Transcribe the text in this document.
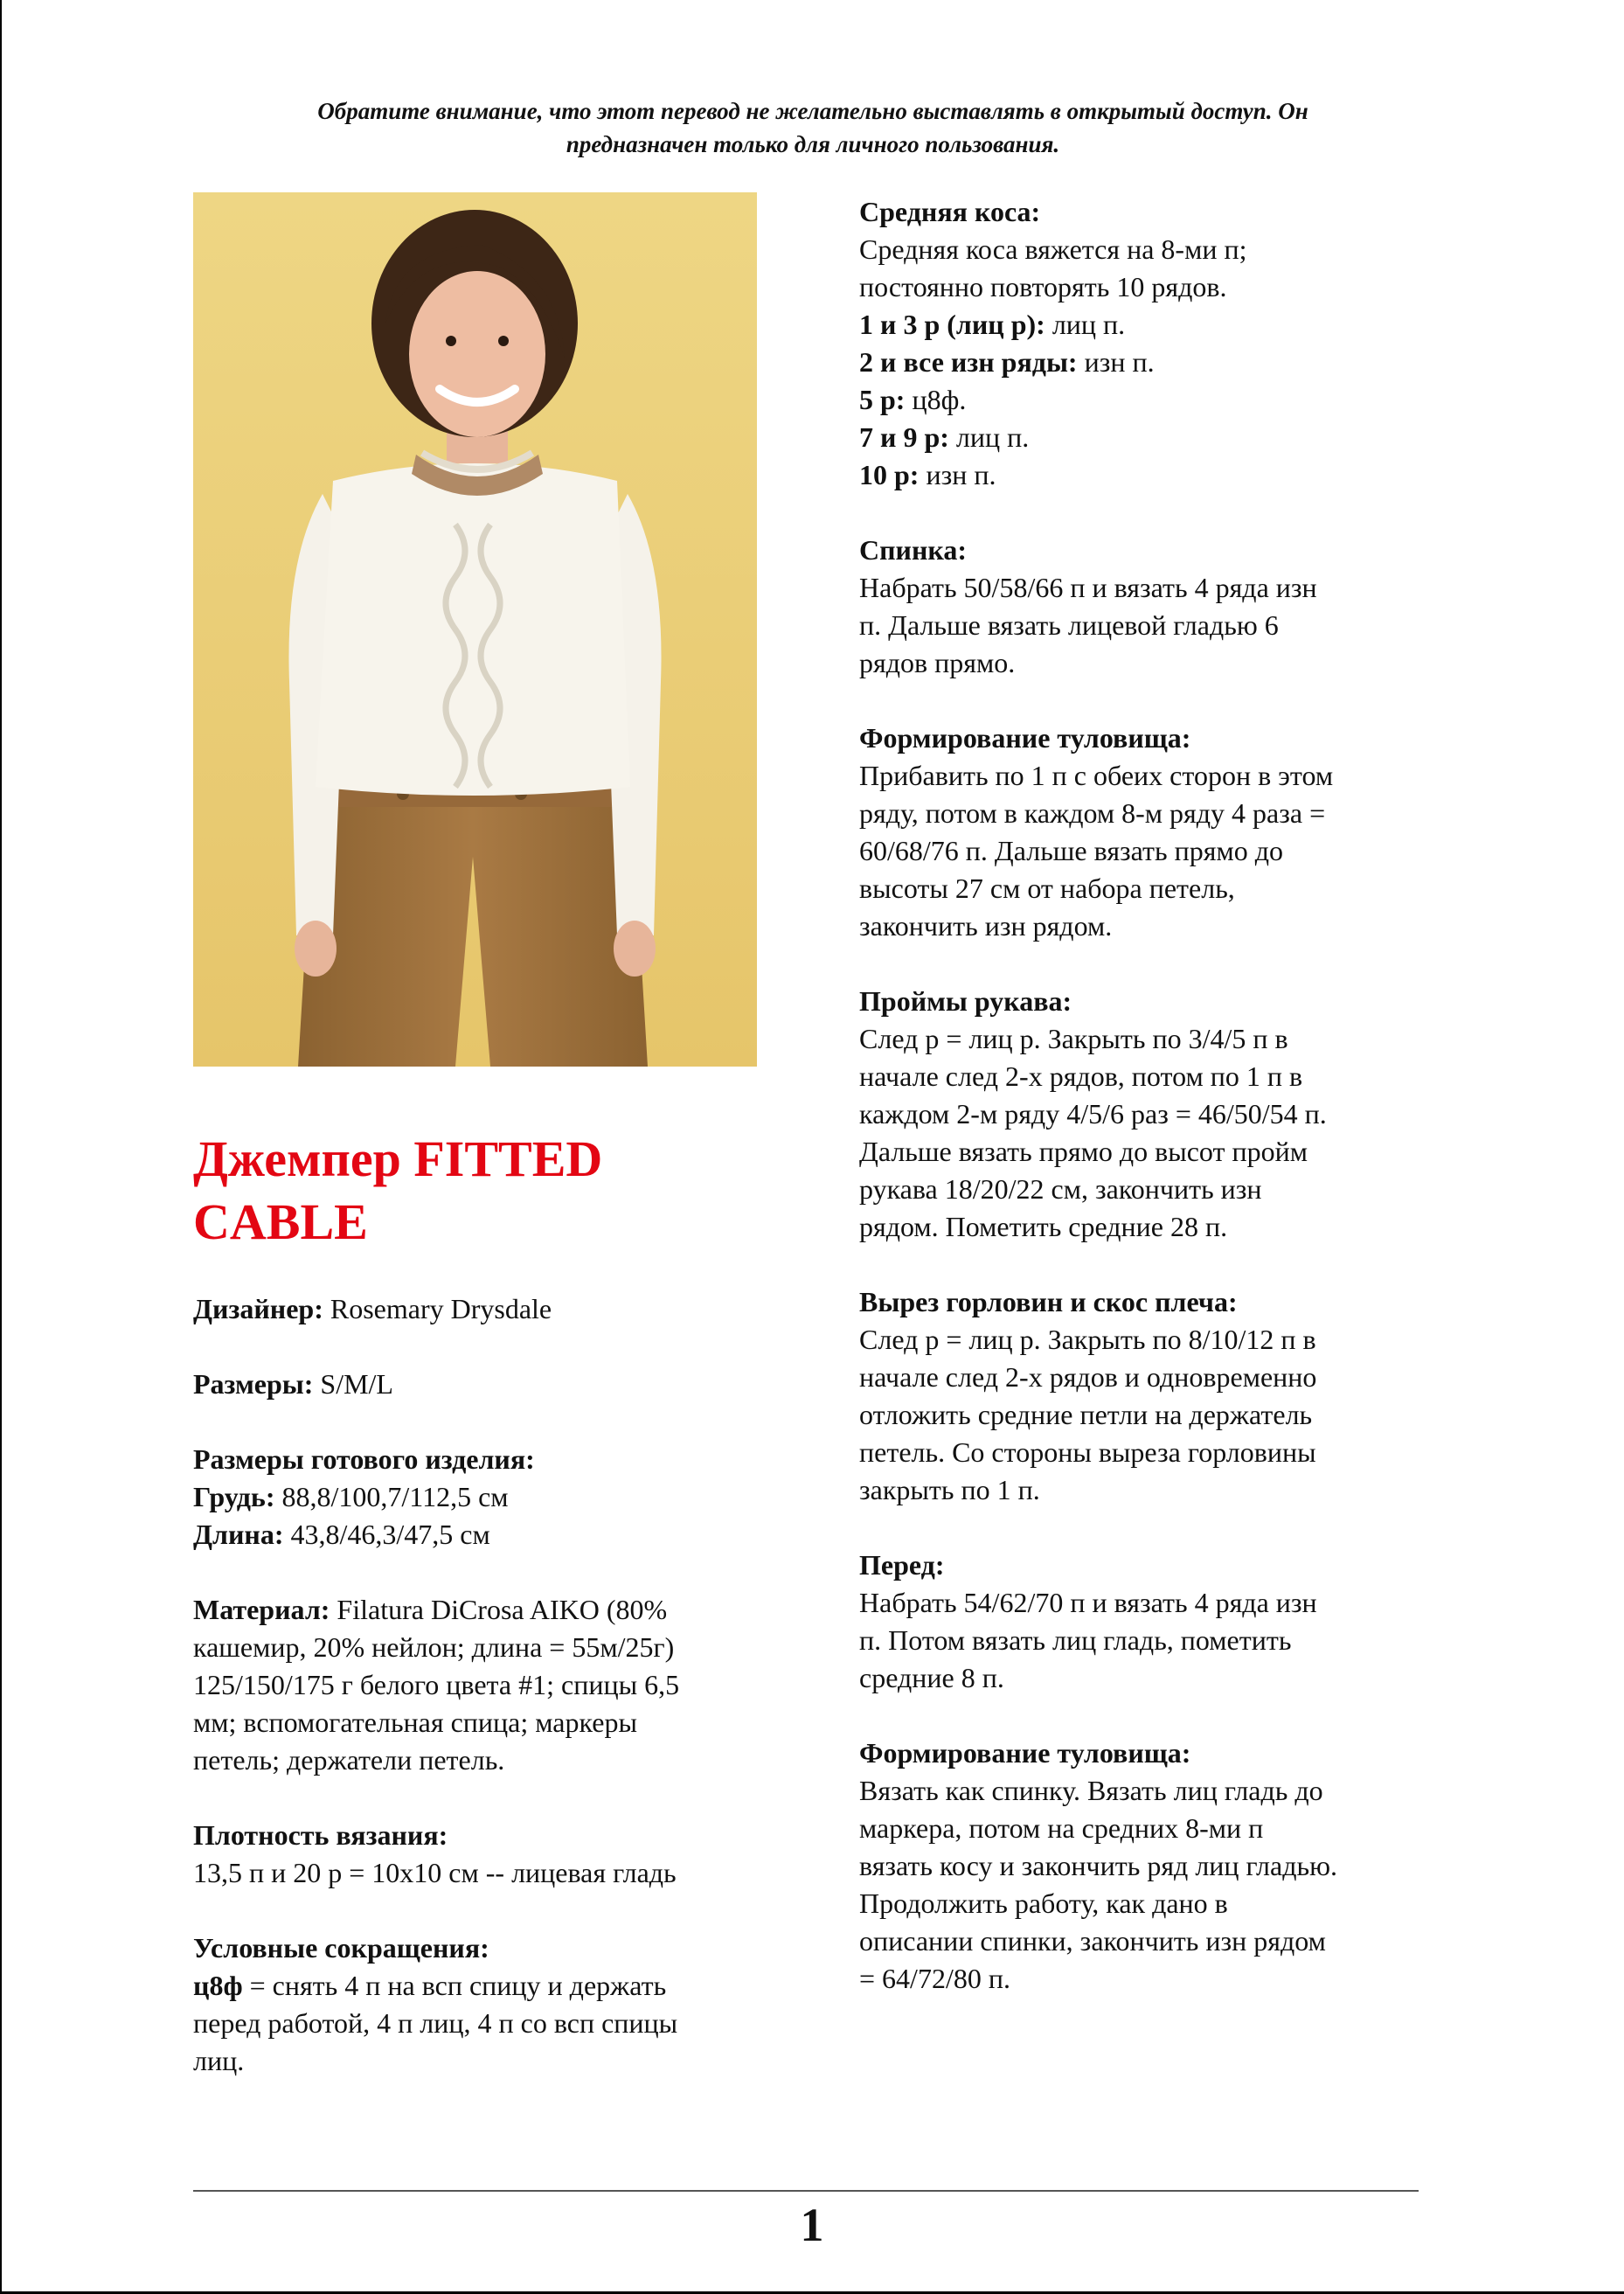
Обратите внимание, что этот перевод не желательно выставлять в открытый доступ. Он
предназначен только для личного пользования.
Джемпер FITTED
CABLE
Дизайнер: Rosemary Drysdale
Размеры: S/M/L
Размеры готового изделия:
Грудь: 88,8/100,7/112,5 см
Длина: 43,8/46,3/47,5 см
Материал: Filatura DiCrosa AIKO (80%
кашемир, 20% нейлон; длина = 55м/25г)
125/150/175 г белого цвета #1; спицы 6,5
мм; вспомогательная спица; маркеры
петель; держатели петель.
Плотность вязания:
13,5 п и 20 р = 10х10 см -- лицевая гладь
Условные сокращения:
ц8ф = снять 4 п на всп спицу и держать
перед работой, 4 п лиц, 4 п со всп спицы
лиц.
Средняя коса:
Средняя коса вяжется на 8-ми п;
постоянно повторять 10 рядов.
1 и 3 р (лиц р): лиц п.
2 и все изн ряды: изн п.
5 р: ц8ф.
7 и 9 р: лиц п.
10 р: изн п.
Спинка:
Набрать 50/58/66 п и вязать 4 ряда изн
п. Дальше вязать лицевой гладью 6
рядов прямо.
Формирование туловища:
Прибавить по 1 п с обеих сторон в этом
ряду, потом в каждом 8-м ряду 4 раза =
60/68/76 п. Дальше вязать прямо до
высоты 27 см от набора петель,
закончить изн рядом.
Проймы рукава:
След р = лиц р. Закрыть по 3/4/5 п в
начале след 2-х рядов, потом по 1 п в
каждом 2-м ряду 4/5/6 раз = 46/50/54 п.
Дальше вязать прямо до высот пройм
рукава 18/20/22 см, закончить изн
рядом. Пометить средние 28 п.
Вырез горловин и скос плеча:
След р = лиц р. Закрыть по 8/10/12 п в
начале след 2-х рядов и одновременно
отложить средние петли на держатель
петель. Со стороны выреза горловины
закрыть по 1 п.
Перед:
Набрать 54/62/70 п и вязать 4 ряда изн
п. Потом вязать лиц гладь, пометить
средние 8 п.
Формирование туловища:
Вязать как спинку. Вязать лиц гладь до
маркера, потом на средних 8-ми п
вязать косу и закончить ряд лиц гладью.
Продолжить работу, как дано в
описании спинки, закончить изн рядом
= 64/72/80 п.
1
